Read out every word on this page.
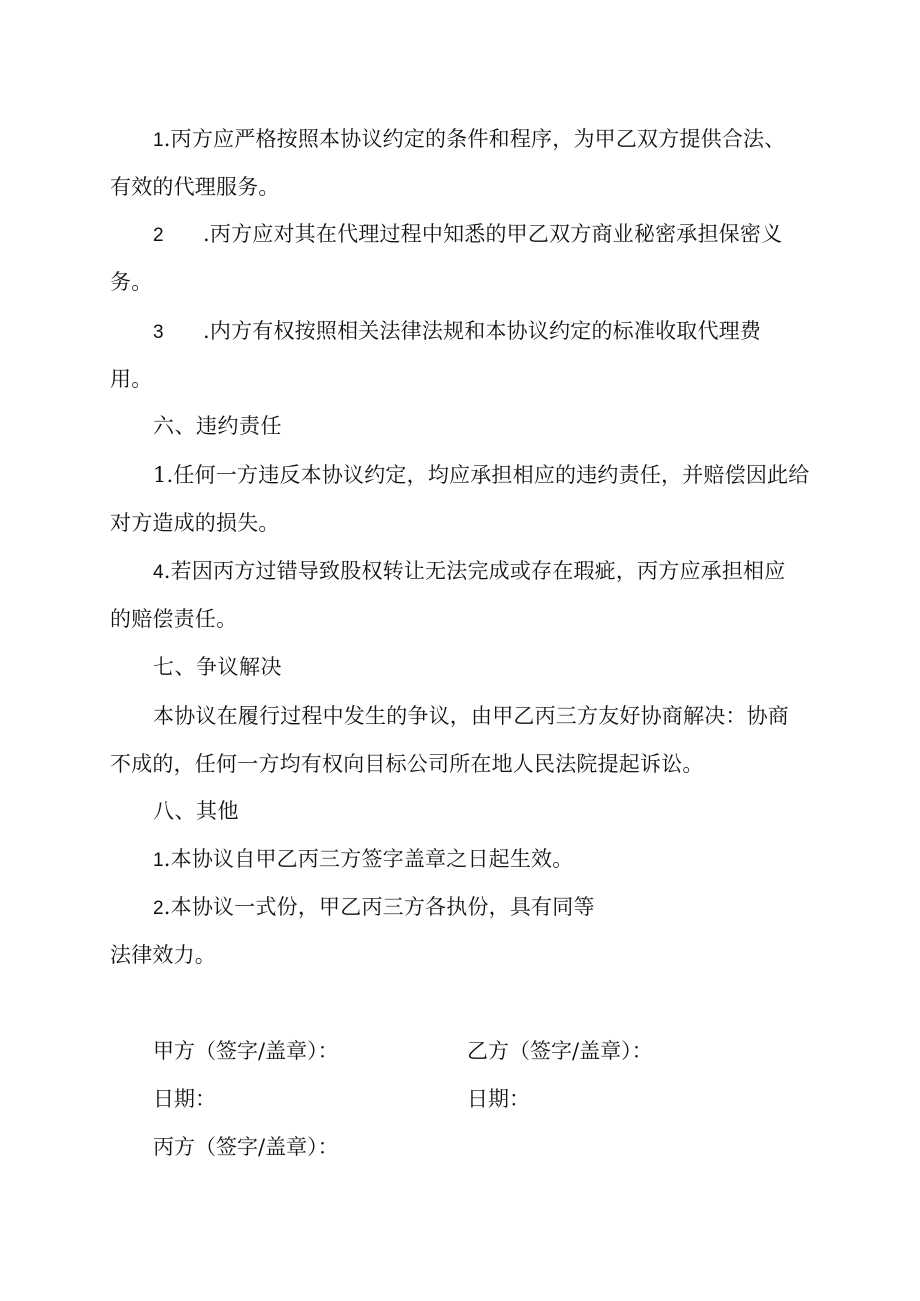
1.丙方应严格按照本协议约定的条件和程序，为甲乙双方提供合法、
有效的代理服务。
2 .丙方应对其在代理过程中知悉的甲乙双方商业秘密承担保密义
务。
3 .内方有权按照相关法律法规和本协议约定的标准收取代理费
用。
六、违约责任
1.任何一方违反本协议约定，均应承担相应的违约责任，并赔偿因此给
对方造成的损失。
4.若因丙方过错导致股权转让无法完成或存在瑕疵，丙方应承担相应
的赔偿责任。
七、争议解决
本协议在履行过程中发生的争议，由甲乙丙三方友好协商解决：协商
不成的，任何一方均有权向目标公司所在地人民法院提起诉讼。
八、其他
1.本协议自甲乙丙三方签字盖章之日起生效。
2.本协议一式份，甲乙丙三方各执份，具有同等
法律效力。
甲方（签字/盖章）：	乙方（签字/盖章）：
日期：	日期：
丙方（签字/盖章）：
